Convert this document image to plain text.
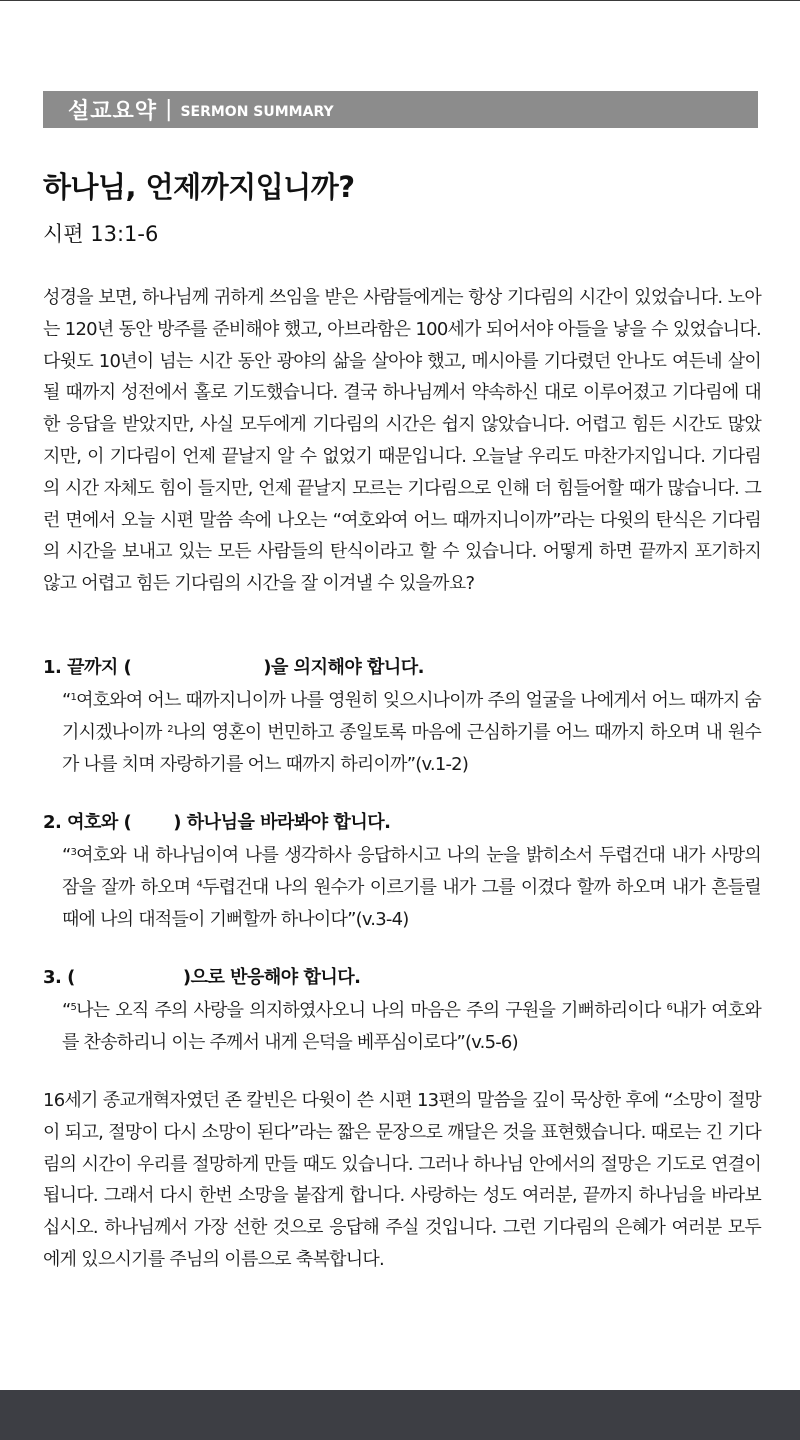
설교요약 | SERMON SUMMARY
하나님, 언제까지입니까?
시편 13:1-6

성경을 보면, 하나님께 귀하게 쓰임을 받은 사람들에게는 항상 기다림의 시간이 있었습니다. 노아는 120년 동안 방주를 준비해야 했고, 아브라함은 100세가 되어서야 아들을 낳을 수 있었습니다. 다윗도 10년이 넘는 시간 동안 광야의 삶을 살아야 했고, 메시아를 기다렸던 안나도 여든네 살이 될 때까지 성전에서 홀로 기도했습니다. 결국 하나님께서 약속하신 대로 이루어졌고 기다림에 대한 응답을 받았지만, 사실 모두에게 기다림의 시간은 쉽지 않았습니다. 어렵고 힘든 시간도 많았지만, 이 기다림이 언제 끝날지 알 수 없었기 때문입니다. 오늘날 우리도 마찬가지입니다. 기다림의 시간 자체도 힘이 들지만, 언제 끝날지 모르는 기다림으로 인해 더 힘들어할 때가 많습니다. 그런 면에서 오늘 시편 말씀 속에 나오는 “여호와여 어느 때까지니이까”라는 다윗의 탄식은 기다림의 시간을 보내고 있는 모든 사람들의 탄식이라고 할 수 있습니다. 어떻게 하면 끝까지 포기하지 않고 어렵고 힘든 기다림의 시간을 잘 이겨낼 수 있을까요?

1. 끝까지 (	)을 의지해야 합니다.

“$^1$여호와여 어느 때까지니이까 나를 영원히 잊으시나이까 주의 얼굴을 나에게서 어느 때까지 숨기시겠나이까 $^2$나의 영혼이 번민하고 종일토록 마음에 근심하기를 어느 때까지 하오며 내 원수가 나를 치며 자랑하기를 어느 때까지 하리이까”(v.1-2)

2. 여호와 ( ) 하나님을 바라봐야 합니다.

“$^3$여호와 내 하나님이여 나를 생각하사 응답하시고 나의 눈을 밝히소서 두렵건대 내가 사망의 잠을 잘까 하오며 $^4$두렵건대 나의 원수가 이르기를 내가 그를 이겼다 할까 하오며 내가 흔들릴 때에 나의 대적들이 기뻐할까 하나이다”(v.3-4)

3. (	)으로 반응해야 합니다.

“$^5$나는 오직 주의 사랑을 의지하였사오니 나의 마음은 주의 구원을 기뻐하리이다 $^6$내가 여호와를 찬송하리니 이는 주께서 내게 은덕을 베푸심이로다”(v.5-6)

16세기 종교개혁자였던 존 칼빈은 다윗이 쓴 시편 13편의 말씀을 깊이 묵상한 후에 “소망이 절망이 되고, 절망이 다시 소망이 된다”라는 짧은 문장으로 깨달은 것을 표현했습니다. 때로는 긴 기다림의 시간이 우리를 절망하게 만들 때도 있습니다. 그러나 하나님 안에서의 절망은 기도로 연결이 됩니다. 그래서 다시 한번 소망을 붙잡게 합니다. 사랑하는 성도 여러분, 끝까지 하나님을 바라보십시오. 하나님께서 가장 선한 것으로 응답해 주실 것입니다. 그런 기다림의 은혜가 여러분 모두에게 있으시기를 주님의 이름으로 축복합니다.
